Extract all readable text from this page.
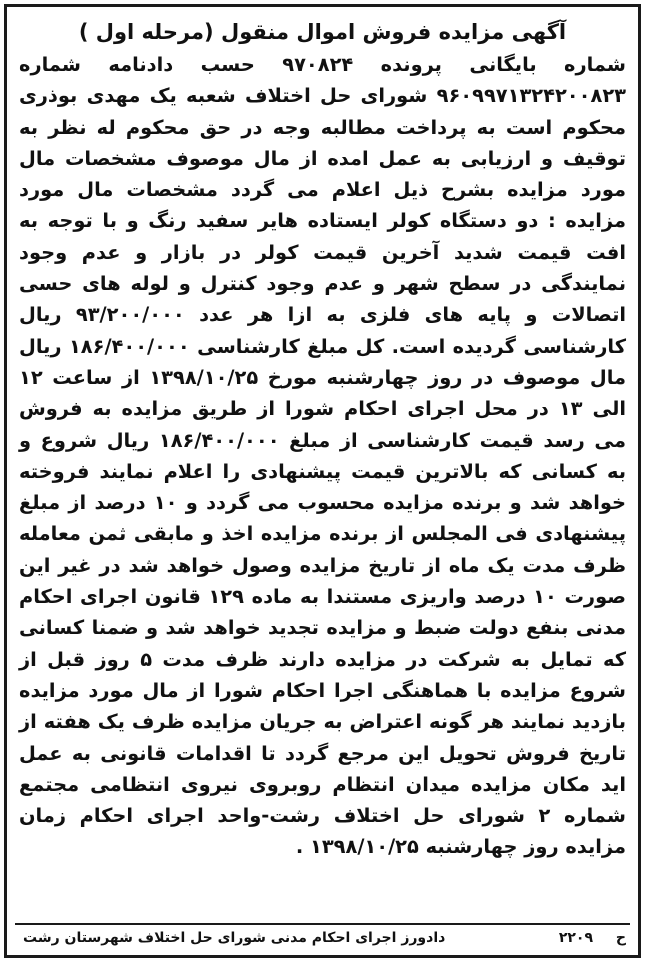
آگهی مزایده فروش اموال منقول (مرحله اول )

شماره بایگانی پرونده ۹۷۰۸۲۴ حسب دادنامه شماره ۹۶۰۹۹۷۱۳۲۴۲۰۰۸۲۳ شورای حل اختلاف شعبه یک مهدی بوذری محکوم است به پرداخت مطالبه وجه در حق محکوم له نظر به توقیف و ارزیابی به عمل امده از مال موصوف مشخصات مال مورد مزایده بشرح ذیل اعلام می گردد مشخصات مال مورد مزایده : دو دستگاه کولر ایستاده هایر سفید رنگ و با توجه به افت قیمت شدید آخرین قیمت کولر در بازار و عدم وجود نمایندگی در سطح شهر و عدم وجود کنترل و لوله های حسی اتصالات و پایه های فلزی به ازا هر عدد ۹۳/۲۰۰/۰۰۰ ریال کارشناسی گردیده است. کل مبلغ کارشناسی ۱۸۶/۴۰۰/۰۰۰ ریال مال موصوف در روز چهارشنبه مورخ ۱۳۹۸/۱۰/۲۵ از ساعت ۱۲ الی ۱۳ در محل اجرای احکام شورا از طریق مزایده به فروش می رسد قیمت کارشناسی از مبلغ ۱۸۶/۴۰۰/۰۰۰ ریال شروع و به کسانی که بالاترین قیمت پیشنهادی را اعلام نمایند فروخته خواهد شد و برنده مزایده محسوب می گردد و ۱۰ درصد از مبلغ پیشنهادی فی المجلس از برنده مزایده اخذ و مابقی ثمن معامله ظرف مدت یک ماه از تاریخ مزایده وصول خواهد شد در غیر این صورت ۱۰ درصد واریزی مستندا به ماده ۱۲۹ قانون اجرای احکام مدنی بنفع دولت ضبط و مزایده تجدید خواهد شد و ضمنا کسانی که تمایل به شرکت در مزایده دارند ظرف مدت ۵ روز قبل از شروع مزایده با هماهنگی اجرا احکام شورا از مال مورد مزایده بازدید نمایند هر گونه اعتراض به جریان مزایده ظرف یک هفته از تاریخ فروش تحویل این مرجع گردد تا اقدامات قانونی به عمل اید مکان مزایده میدان انتظام روبروی نیروی انتظامی مجتمع شماره ۲ شورای حل اختلاف رشت-واحد اجرای احکام زمان مزایده روز چهارشنبه ۱۳۹۸/۱۰/۲۵ .

ح ۲۲۰۹
دادورز اجرای احکام مدنی شورای حل اختلاف شهرستان رشت
